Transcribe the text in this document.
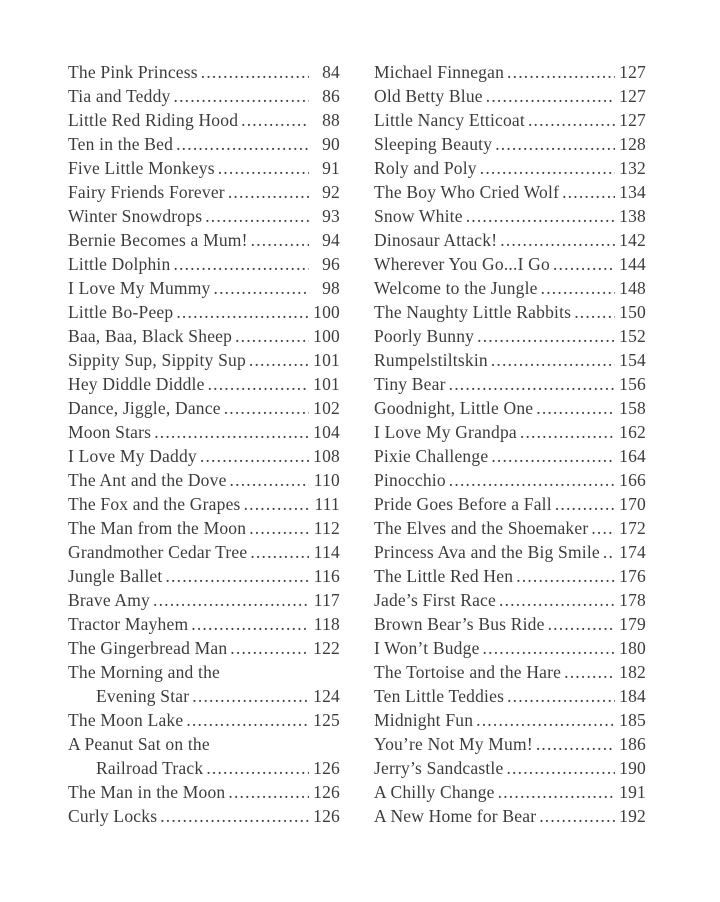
The Pink Princess .....	84
Tia and Teddy .....	86
Little Red Riding Hood .....	88
Ten in the Bed .....	90
Five Little Monkeys .....	91
Fairy Friends Forever .....	92
Winter Snowdrops .....	93
Bernie Becomes a Mum! .....	94
Little Dolphin .....	96
I Love My Mummy .....	98
Little Bo-Peep .....	100
Baa, Baa, Black Sheep .....	100
Sippity Sup, Sippity Sup .....	101
Hey Diddle Diddle .....	101
Dance, Jiggle, Dance .....	102
Moon Stars .....	104
I Love My Daddy .....	108
The Ant and the Dove .....	110
The Fox and the Grapes .....	111
The Man from the Moon .....	112
Grandmother Cedar Tree .....	114
Jungle Ballet .....	116
Brave Amy .....	117
Tractor Mayhem .....	118
The Gingerbread Man .....	122
The Morning and the
Evening Star .....	124
The Moon Lake .....	125
A Peanut Sat on the
Railroad Track .....	126
The Man in the Moon .....	126
Curly Locks .....	126
Michael Finnegan .....	127
Old Betty Blue .....	127
Little Nancy Etticoat .....	127
Sleeping Beauty .....	128
Roly and Poly .....	132
The Boy Who Cried Wolf .....	134
Snow White .....	138
Dinosaur Attack! .....	142
Wherever You Go...I Go .....	144
Welcome to the Jungle .....	148
The Naughty Little Rabbits .....	150
Poorly Bunny .....	152
Rumpelstiltskin .....	154
Tiny Bear .....	156
Goodnight, Little One .....	158
I Love My Grandpa .....	162
Pixie Challenge .....	164
Pinocchio .....	166
Pride Goes Before a Fall .....	170
The Elves and the Shoemaker ..... 172
Princess Ava and the Big Smile ..... 174
The Little Red Hen .....	176
Jade’s First Race .....	178
Brown Bear’s Bus Ride .....	179
I Won’t Budge .....	180
The Tortoise and the Hare .....	182
Ten Little Teddies .....	184
Midnight Fun .....	185
You’re Not My Mum! .....	186
Jerry’s Sandcastle .....	190
A Chilly Change .....	191
A New Home for Bear .....	192
